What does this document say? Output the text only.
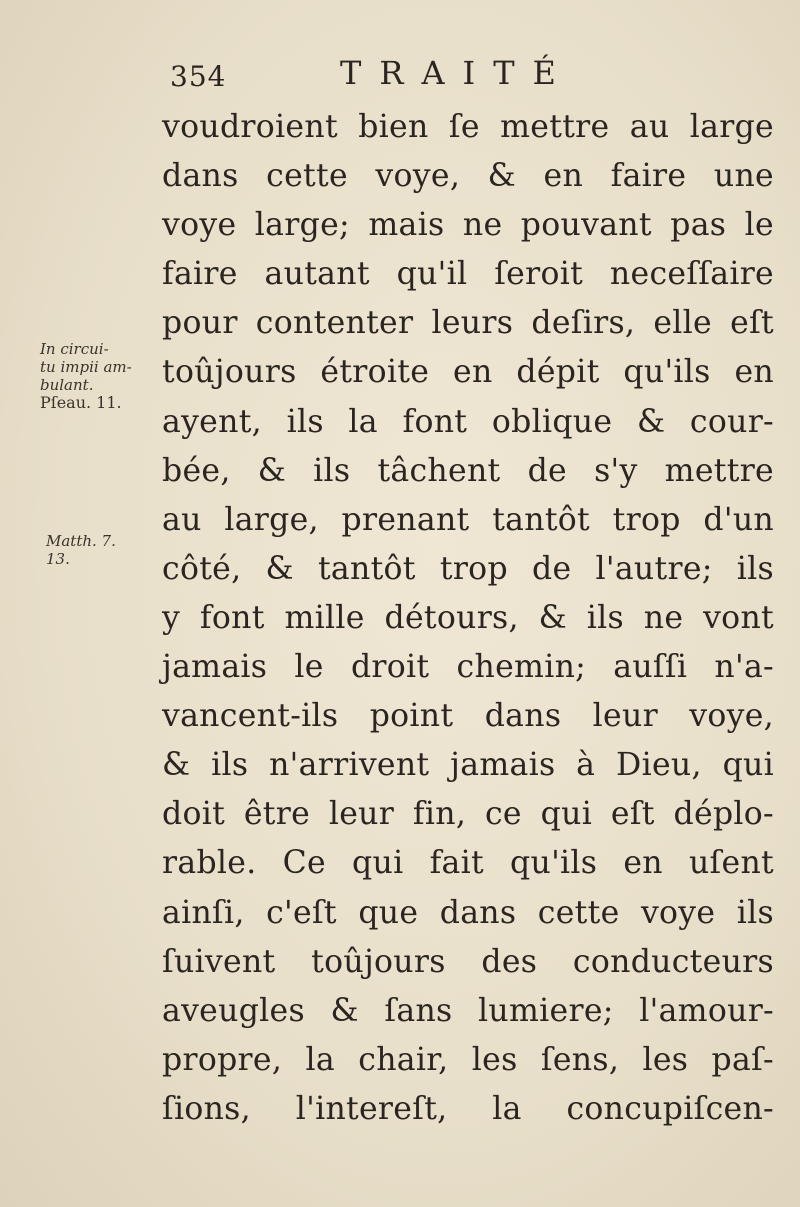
354	TRAITÉ
In circui-
tu impii am-
bulant.
Pſeau. 11.
Matth. 7.
13.
voudroient bien ſe mettre au large
dans cette voye, & en faire une
voye large; mais ne pouvant pas le
faire autant qu'il ſeroit neceſſaire
pour contenter leurs deſirs, elle eſt
toûjours étroite en dépit qu'ils en
ayent, ils la font oblique & cour-
bée, & ils tâchent de s'y mettre
au large, prenant tantôt trop d'un
côté, & tantôt trop de l'autre; ils
y font mille détours, & ils ne vont
jamais le droit chemin; auſſi n'a-
vancent-ils point dans leur voye,
& ils n'arrivent jamais à Dieu, qui
doit être leur fin, ce qui eſt déplo-
rable. Ce qui fait qu'ils en uſent
ainſi, c'eſt que dans cette voye ils
ſuivent toûjours des conducteurs
aveugles & ſans lumiere; l'amour-
propre, la chair, les ſens, les paſ-
ſions, l'intereſt, la concupiſcen-
